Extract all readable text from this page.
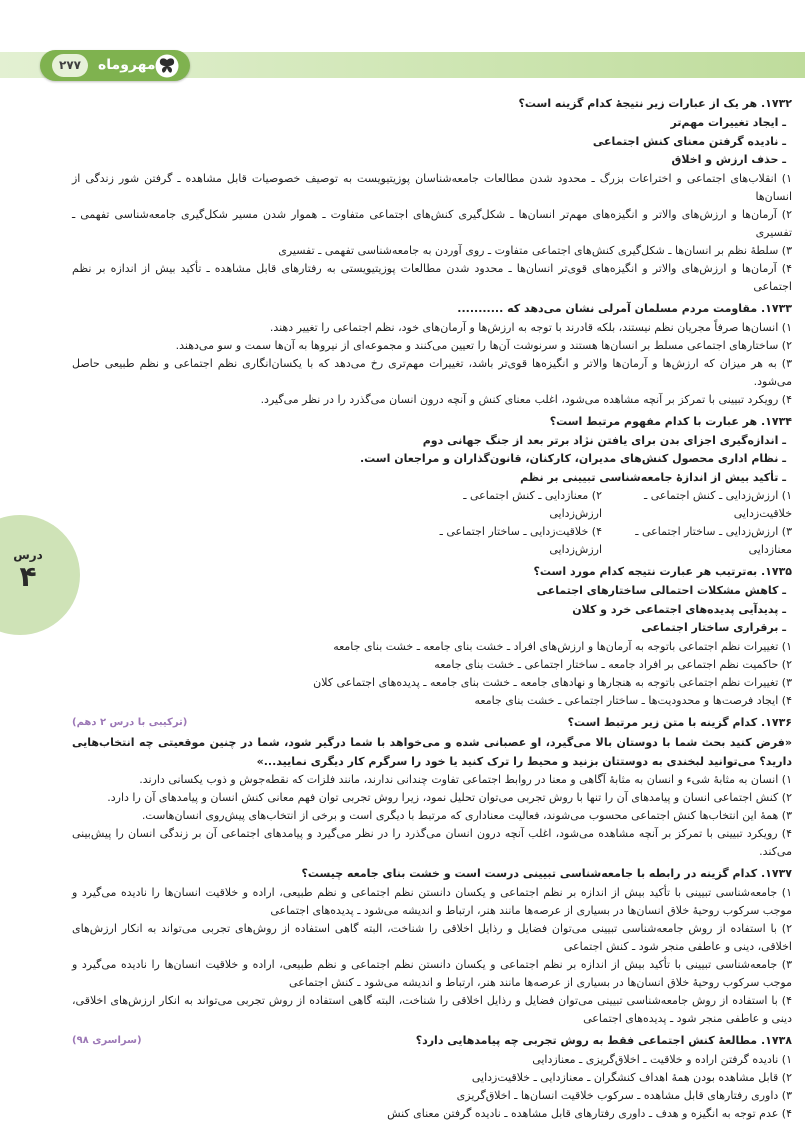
۲۷۷	مهروماه
درس
۴
۱۷۳۲. هر یک از عبارات زیر نتیجهٔ کدام گزینه است؟
ـ ایجاد تغییرات مهم‌تر
ـ نادیده گرفتن معنای کنش اجتماعی
ـ حذف ارزش و اخلاق
۱) انقلاب‌های اجتماعی و اختراعات بزرگ ـ محدود شدن مطالعات جامعه‌شناسان پوزیتیویست به توصیف خصوصیات قابل مشاهده ـ گرفتن شور زندگی از انسان‌ها
۲) آرمان‌ها و ارزش‌های والاتر و انگیزه‌های مهم‌تر انسان‌ها ـ شکل‌گیری کنش‌های اجتماعی متفاوت ـ هموار شدن مسیر شکل‌گیری جامعه‌شناسی تفهمی ـ تفسیری
۳) سلطهٔ نظم بر انسان‌ها ـ شکل‌گیری کنش‌های اجتماعی متفاوت ـ روی آوردن به جامعه‌شناسی تفهمی ـ تفسیری
۴) آرمان‌ها و ارزش‌های والاتر و انگیزه‌های قوی‌تر انسان‌ها ـ محدود شدن مطالعات پوزیتیویستی به رفتارهای قابل مشاهده ـ تأکید بیش از اندازه بر نظم اجتماعی
۱۷۳۳. مقاومت مردم مسلمان آمرلی نشان می‌دهد که ...........
۱) انسان‌ها صرفاً مجریان نظم نیستند، بلکه قادرند با توجه به ارزش‌ها و آرمان‌های خود، نظم اجتماعی را تغییر دهند.
۲) ساختارهای اجتماعی مسلط بر انسان‌ها هستند و سرنوشت آن‌ها را تعیین می‌کنند و مجموعه‌ای از نیروها به آن‌ها سمت و سو می‌دهند.
۳) به هر میزان که ارزش‌ها و آرمان‌ها والاتر و انگیزه‌ها قوی‌تر باشد، تغییرات مهم‌تری رخ می‌دهد که با یکسان‌انگاری نظم اجتماعی و نظم طبیعی حاصل می‌شود.
۴) رویکرد تبیینی با تمرکز بر آنچه مشاهده می‌شود، اغلب معنای کنش و آنچه درون انسان می‌گذرد را در نظر می‌گیرد.
۱۷۳۴. هر عبارت با کدام مفهوم مرتبط است؟
ـ اندازه‌گیری اجزای بدن برای یافتن نژاد برتر بعد از جنگ جهانی دوم
ـ نظام اداری محصول کنش‌های مدیران، کارکنان، قانون‌گذاران و مراجعان است.
ـ تأکید بیش از اندازهٔ جامعه‌شناسی تبیینی بر نظم
۱) ارزش‌زدایی ـ کنش اجتماعی ـ خلاقیت‌زدایی
۲) معنازدایی ـ کنش اجتماعی ـ ارزش‌زدایی
۳) ارزش‌زدایی ـ ساختار اجتماعی ـ معنازدایی
۴) خلاقیت‌زدایی ـ ساختار اجتماعی ـ ارزش‌زدایی
۱۷۳۵. به‌ترتیب هر عبارت نتیجه کدام مورد است؟
ـ کاهش مشکلات احتمالی ساختارهای اجتماعی
ـ پدیدآیی پدیده‌های اجتماعی خرد و کلان
ـ برقراری ساختار اجتماعی
۱) تغییرات نظم اجتماعی باتوجه به آرمان‌ها و ارزش‌های افراد ـ خشت بنای جامعه ـ خشت بنای جامعه
۲) حاکمیت نظم اجتماعی بر افراد جامعه ـ ساختار اجتماعی ـ خشت بنای جامعه
۳) تغییرات نظم اجتماعی باتوجه به هنجارها و نهادهای جامعه ـ خشت بنای جامعه ـ پدیده‌های اجتماعی کلان
۴) ایجاد فرصت‌ها و محدودیت‌ها ـ ساختار اجتماعی ـ خشت بنای جامعه
۱۷۳۶. کدام گزینه با متن زیر مرتبط است؟
(ترکیبی با درس ۲ دهم)
«فرض کنید بحث شما با دوستان بالا می‌گیرد، او عصبانی شده و می‌خواهد با شما درگیر شود، شما در چنین موقعیتی چه انتخاب‌هایی دارید؟ می‌توانید لبخندی به دوستتان بزنید و محیط را ترک کنید یا خود را سرگرم کار دیگری نمایید...»
۱) انسان به مثابهٔ شیء و انسان به مثابهٔ آگاهی و معنا در روابط اجتماعی تفاوت چندانی ندارند، مانند فلزات که نقطه‌جوش و ذوب یکسانی دارند.
۲) کنش اجتماعی انسان و پیامدهای آن را تنها با روش تجربی می‌توان تحلیل نمود، زیرا روش تجربی توان فهم معانی کنش انسان و پیامدهای آن را دارد.
۳) همهٔ این انتخاب‌ها کنش اجتماعی محسوب می‌شوند، فعالیت معناداری که مرتبط با دیگری است و برخی از انتخاب‌های پیش‌روی انسان‌هاست.
۴) رویکرد تبیینی با تمرکز بر آنچه مشاهده می‌شود، اغلب آنچه درون انسان می‌گذرد را در نظر می‌گیرد و پیامدهای اجتماعی آن بر زندگی انسان را پیش‌بینی می‌کند.
۱۷۳۷. کدام گزینه در رابطه با جامعه‌شناسی تبیینی درست است و خشت بنای جامعه چیست؟
۱) جامعه‌شناسی تبیینی با تأکید بیش از اندازه بر نظم اجتماعی و یکسان دانستن نظم اجتماعی و نظم طبیعی، اراده و خلاقیت انسان‌ها را نادیده می‌گیرد و موجب سرکوب روحیهٔ خلاق انسان‌ها در بسیاری از عرصه‌ها مانند هنر، ارتباط و اندیشه می‌شود ـ پدیده‌های اجتماعی
۲) با استفاده از روش جامعه‌شناسی تبیینی می‌توان فضایل و رذایل اخلاقی را شناخت، البته گاهی استفاده از روش‌های تجربی می‌تواند به انکار ارزش‌های اخلاقی، دینی و عاطفی منجر شود ـ کنش اجتماعی
۳) جامعه‌شناسی تبیینی با تأکید بیش از اندازه بر نظم اجتماعی و یکسان دانستن نظم اجتماعی و نظم طبیعی، اراده و خلاقیت انسان‌ها را نادیده می‌گیرد و موجب سرکوب روحیهٔ خلاق انسان‌ها در بسیاری از عرصه‌ها مانند هنر، ارتباط و اندیشه می‌شود ـ کنش اجتماعی
۴) با استفاده از روش جامعه‌شناسی تبیینی می‌توان فضایل و رذایل اخلاقی را شناخت، البته گاهی استفاده از روش تجربی می‌تواند به انکار ارزش‌های اخلاقی، دینی و عاطفی منجر شود ـ پدیده‌های اجتماعی
۱۷۳۸. مطالعهٔ کنش اجتماعی فقط به روش تجربی چه پیامدهایی دارد؟
(سراسری ۹۸)
۱) نادیده گرفتن اراده و خلاقیت ـ اخلاق‌گریزی ـ معنازدایی
۲) قابل مشاهده بودن همهٔ اهداف کنشگران ـ معنازدایی ـ خلاقیت‌زدایی
۳) داوری رفتارهای قابل مشاهده ـ سرکوب خلاقیت انسان‌ها ـ اخلاق‌گریزی
۴) عدم توجه به انگیزه و هدف ـ داوری رفتارهای قابل مشاهده ـ نادیده گرفتن معنای کنش
